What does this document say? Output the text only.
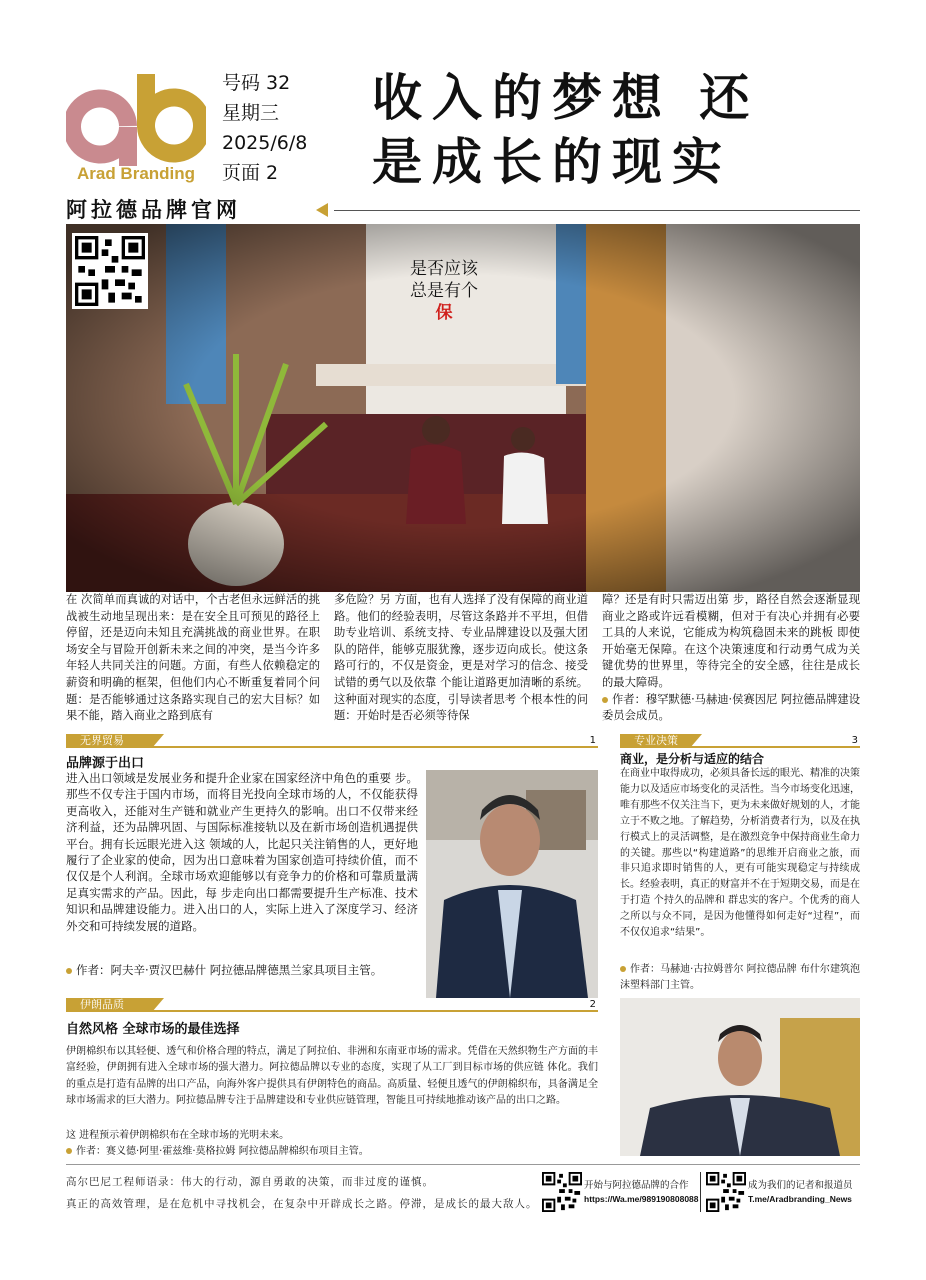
Arad Branding
号码 32
星期三
2025/6/8
页面 2
收入的梦想 还
是成长的现实
阿拉德品牌官网
是否应该
总是有个
保
在 次简单而真诚的对话中，个古老但永远鲜活的挑战被生动地呈现出来：是在安全且可预见的路径上停留，还是迈向未知且充满挑战的商业世界。在职场安全与冒险开创新未来之间的冲突，是当今许多年轻人共同关注的问题。方面，有些人依赖稳定的薪资和明确的框架，但他们内心不断重复着同个问题：是否能够通过这条路实现自己的宏大目标？如果不能，踏入商业之路到底有
多危险？另 方面，也有人选择了没有保障的商业道路。他们的经验表明，尽管这条路并不平坦，但借助专业培训、系统支持、专业品牌建设以及强大团队的陪伴，能够克服犹豫，逐步迈向成长。使这条路可行的，不仅是资金，更是对学习的信念、接受试错的勇气以及依靠 个能让道路更加清晰的系统。这种面对现实的态度，引导读者思考 个根本性的问题：开始时是否必须等待保
障？还是有时只需迈出第 步，路径自然会逐渐显现 商业之路或许远看模糊，但对于有决心并拥有必要工具的人来说，它能成为构筑稳固未来的跳板 即使 开始毫无保障。在这个决策速度和行动勇气成为关键优势的世界里，等待完全的安全感，往往是成长的最大障碍。
作者：穆罕默德·马赫迪·侯赛因尼 阿拉德品牌建设委员会成员。
无界贸易	1
品牌源于出口
进入出口领域是发展业务和提升企业家在国家经济中角色的重要 步。那些不仅专注于国内市场，而将目光投向全球市场的人，不仅能获得更高收入，还能对生产链和就业产生更持久的影响。出口不仅带来经济利益，还为品牌巩固、与国际标准接轨以及在新市场创造机遇提供平台。拥有长远眼光进入这 领域的人，比起只关注销售的人，更好地履行了企业家的使命，因为出口意味着为国家创造可持续价值，而不仅仅是个人利润。全球市场欢迎能够以有竞争力的价格和可靠质量满足真实需求的产品。因此，每 步走向出口都需要提升生产标准、技术知识和品牌建设能力。进入出口的人，实际上进入了深度学习、经济外交和可持续发展的道路。
作者：阿夫辛·贾汉巴赫什 阿拉德品牌德黑兰家具项目主管。
伊朗品质	2
自然风格 全球市场的最佳选择
伊朗棉织布以其轻便、透气和价格合理的特点，满足了阿拉伯、非洲和东南亚市场的需求。凭借在天然织物生产方面的丰富经验，伊朗拥有进入全球市场的强大潜力。阿拉德品牌以专业的态度，实现了从工厂到目标市场的供应链 体化。我们的重点是打造有品牌的出口产品，向海外客户提供具有伊朗特色的商品。高质量、轻便且透气的伊朗棉织布，具备满足全球市场需求的巨大潜力。阿拉德品牌专注于品牌建设和专业供应链管理，智能且可持续地推动该产品的出口之路。
这 进程预示着伊朗棉织布在全球市场的光明未来。
作者：赛义德·阿里·霍兹维·莫格拉姆 阿拉德品牌棉织布项目主管。
专业决策	3
商业，是分析与适应的结合
在商业中取得成功，必须具备长远的眼光、精准的决策能力以及适应市场变化的灵活性。当今市场变化迅速，唯有那些不仅关注当下，更为未来做好规划的人，才能立于不败之地。了解趋势，分析消费者行为，以及在执行模式上的灵活调整，是在激烈竞争中保持商业生命力的关键。那些以“构建道路”的思维开启商业之旅，而非只追求即时销售的人，更有可能实现稳定与持续成长。经验表明，真正的财富并不在于短期交易，而是在于打造 个持久的品牌和 群忠实的客户。个优秀的商人之所以与众不同，是因为他懂得如何走好“过程”，而不仅仅追求“结果”。
作者：马赫迪·古拉姆普尔 阿拉德品牌 布什尔建筑泡沫塑料部门主管。
高尔巴尼工程师语录：伟大的行动，源自勇敢的决策，而非过度的谨慎。
真正的高效管理，是在危机中寻找机会，在复杂中开辟成长之路。停滞，是成长的最大敌人。
开始与阿拉德品牌的合作
https://Wa.me/989190808088
成为我们的记者和报道员
T.me/Aradbranding_News
